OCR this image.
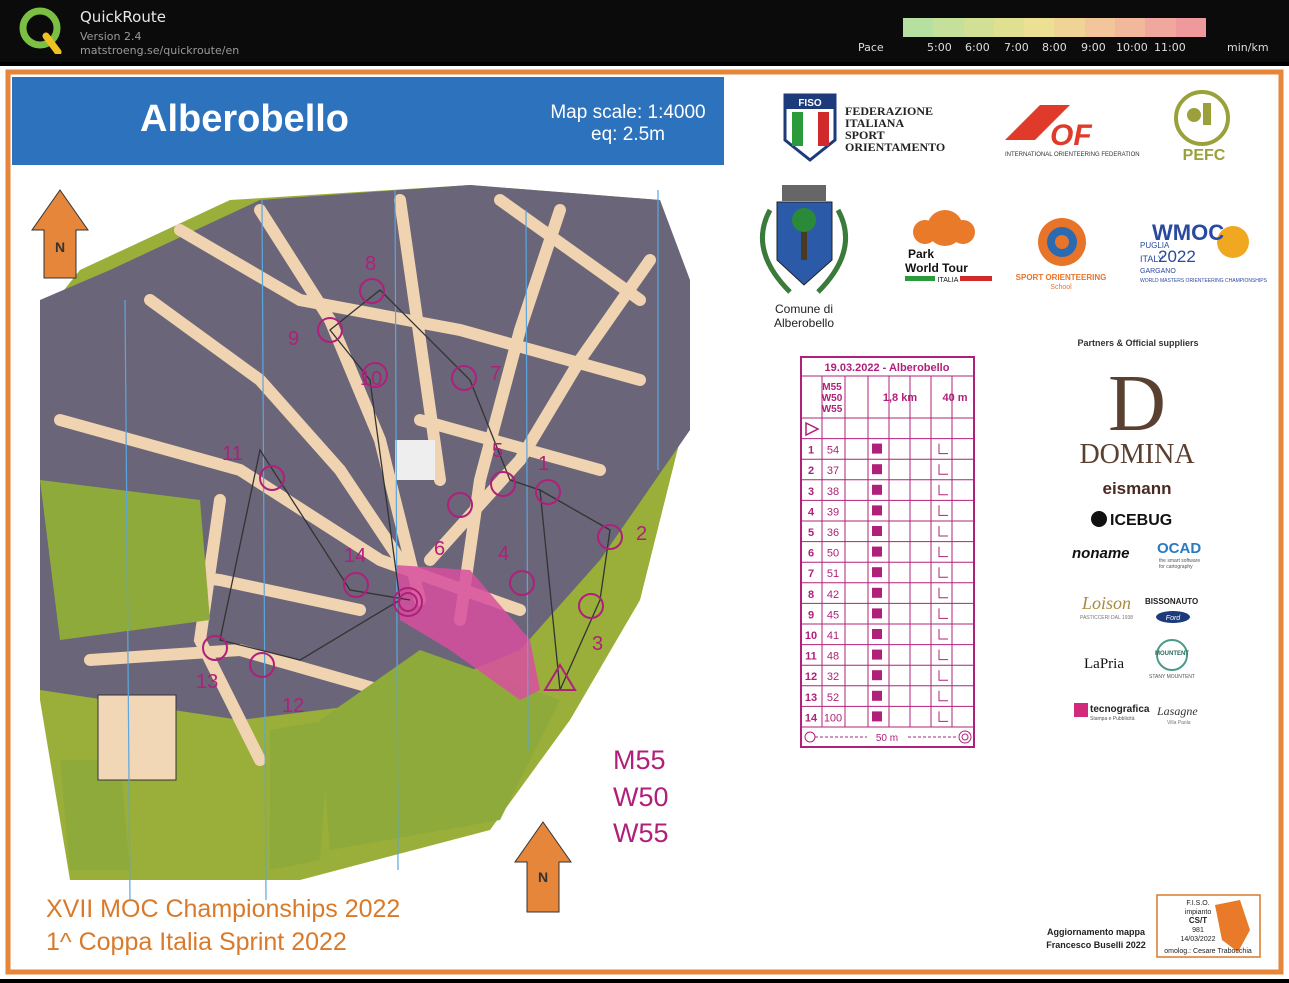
QuickRoute
Version 2.4
matstroeng.se/quickroute/en	Pace	5:00 6:00 7:00 8:00 9:00 10:00 11:00	min/km
Alberobello	Map scale: 1:4000
eq: 2.5m
1
2
3
4
5
6
7
8
9
10
11
12
13
14
N
N
M55
W50
W55
XVII MOC Championships 2022
1^ Coppa Italia Sprint 2022
FISO
FEDERAZIONE
ITALIANA
SPORT
ORIENTAMENTO	OF
INTERNATIONAL ORIENTEERING FEDERATION	PEFC
Comune di
Alberobello
Park
World Tour
ITALIA	SPORT ORIENTEERING
School
WMOC
2022
ITALY
PUGLIA
GARGANO
WORLD MASTERS ORIENTEERING CHAMPIONSHIPS
Partners & Official suppliers
D
DOMINA
eismann
ICEBUG
noname OCAD
the smart software
for cartography
Loison
PASTICCERI DAL 1938
BISSONAUTO
Ford
LaPria
MOUNTENT
STANY MOUNTENT
tecnografica
Stampa e Pubblicità
Lasagne
Villa Paola
19.03.2022 - Alberobello
M55
W50
W55
1,8 km 40 m
1 54
2 37
3 38
4 39
5 36
6 50
7 51
8 42
9 45
10 41
11 48
12 32
13 52
14 100
50 m
Aggiornamento mappa
Francesco Buselli 2022
F.I.S.O.
impianto
CS/T
981
14/03/2022
omolog.: Cesare Trabocchia
